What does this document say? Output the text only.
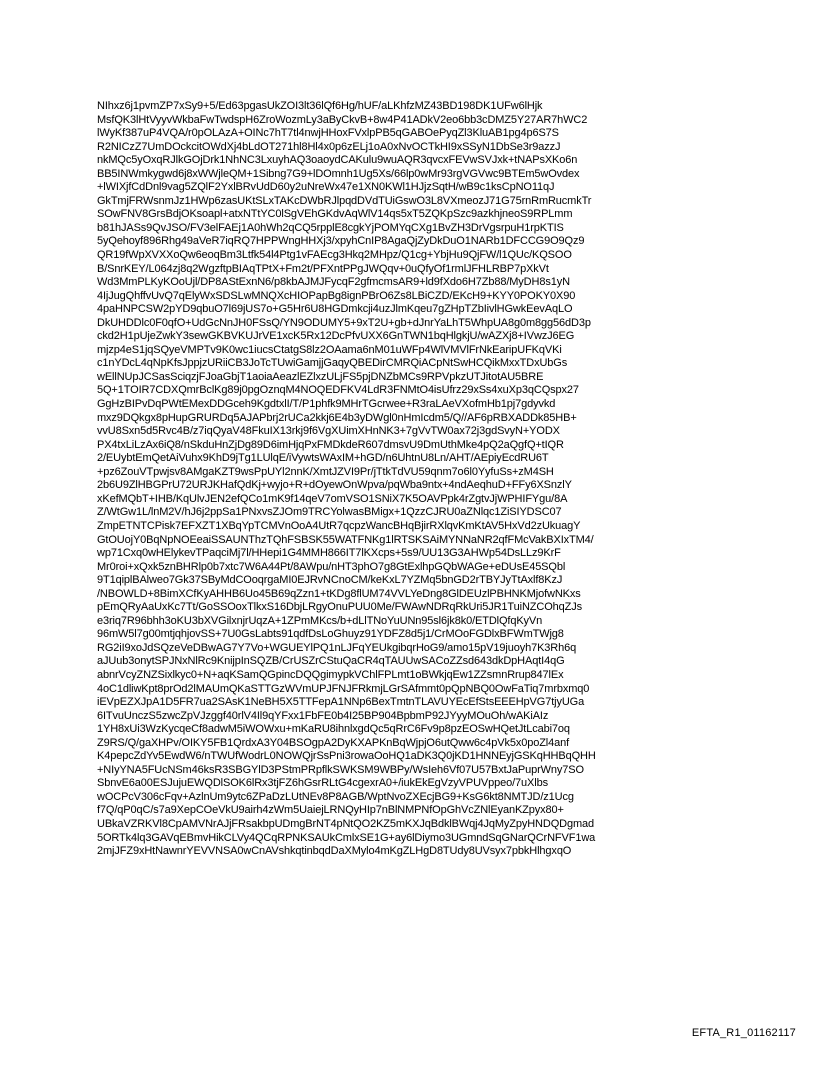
NIhxz6j1pvmZP7xSy9+5/Ed63pgasUkZOI3lt36lQf6Hg/hUF/aLKhfzMZ43BD198DK1UFw6lHjk
MsfQK3lHtVyyvWkbaFwTwdspH6ZroWozmLy3aByCkvB+8w4P41ADkV2eo6bb3cDMZ5Y27AR7hWC2
lWyKf387uP4VQA/r0pOLAzA+OINc7hT7tl4nwjHHoxFVxlpPB5qGABOePyqZl3KluAB1pg4p6S7S
R2NICzZ7UmDOckcitOWdXj4bLdOT271hl8Hl4x0p6zELj1oA0xNvOCTkHI9xSSyN1DbSe3r9azzJ
nkMQc5yOxqRJlkGOjDrk1NhNC3LxuyhAQ3oaoydCAKulu9wuAQR3qvcxFEVwSVJxk+tNAPsXKo6n
BB5INWmkygwd6j8xWWjleQM+1Sibng7G9+lDOmnh1Ug5Xs/66lp0wMr93rgVGVwc9BTEm5wOvdex
+lWIXjfCdDnl9vag5ZQlF2YxlBRvUdD60y2uNreWx47e1XN0KWl1HJjzSqtH/wB9c1ksCpNO11qJ
GkTmjFRWsnmJz1HWp6zasUKtSLxTAKcDWbRJlpqdDVdTUiGswO3L8VXmeozJ71G75rnRmRucmkTr
SOwFNV8GrsBdjOKsoapl+atxNTtYC0lSgVEhGKdvAqWlV14qs5xT5ZQKpSzc9azkhjneoS9RPLmm
b81hJASs9QvJSO/FV3elFAEj1A0hWh2qCQ5rpplE8cgkYjPOMYqCXg1BvZH3DrVgsrpuH1rpKTIS
5yQehoyf896Rhg49aVeR7iqRQ7HPPWngHHXj3/xpyhCnIP8AgaQjZyDkDuO1NARb1DFCCG9O9Qz9
QR19fWpXVXXoQw6eoqBm3Ltfk54l4Ptg1vFAEcg3Hkq2MHpz/Q1cg+YbjHu9QjFW/l1QUc/KQSOO
B/SnrKEY/L064zj8q2WgzftpBIAqTPtX+Fm2t/PFXntPPgJWQqv+0uQfyOf1rmlJFHLRBP7pXkVt
Wd3MmPLKyKOoUjl/DP8AStExnN6/p8kbAJMJFycqF2gfmcmsAR9+ld9fXdo6H7Zb88/MyDH8s1yN
4IjJugQhffvUvQ7qElyWxSDSLwMNQXcHIOPapBg8ignPBrO6Zs8LBiCZD/EKcH9+KYY0POKY0X90
4paHNPCSW2pYD9qbuO7l69jUS7o+G5Hr6U8HGDmkcji4uzJlmKqeu7gZHpTZbIivlHGwkEevAqLO
DkUHDDlc0F0qfO+UdGcNnJH0FSsQ/YN9ODUMY5+9xT2U+gb+dJnrYaLhT5WhpUA8g0m8gg56dD3p
ckd2H1pUjeZwkY3sewGKBVKUJrVE1xcK5Rx12DcPfvUXX6GnTWN1bqHlgkjU/wAZXj8+IVwzJ6EG
mjzp4eS1jqSQyeVMPTv9K0wc1iucsCtatgS8lz2OAama6nM01uWFp4WlVMVlFrNkEaripUFKqVKi
c1nYDcL4qNpKfsJppjzURiiCB3JoTcTUwiGamjjGaqyQBEDirCMRQiACpNtSwHCQikMxxTDxUbGs
wEllNUpJCSasSciqzjFJoaGbjT1aoiaAeazlEZlxzULjFS5pjDNZbMCs9RPVpkzUTJitotAU5BRE
5Q+1TOIR7CDXQmrBclKg89j0pgOznqM4NOQEDFKV4LdR3FNMtO4isUfrz29xSs4xuXp3qCQspx27
GgHzBIPvDqPWtEMexDDGceh9KgdtxlI/T/P1phfk9MHrTGcrwee+R3raLAeVXofmHb1pj7gdyvkd
mxz9DQkgx8pHupGRURDq5AJAPbrj2rUCa2kkj6E4b3yDWgl0nHmIcdm5/Q//AF6pRBXADDk85HB+
vvU8Sxn5d5Rvc4B/z7iqQyaV48FkuIX13rkj9f6VgXUimXHnNK3+7gVvTW0ax72j3gdSvyN+YODX
PX4txLiLzAx6iQ8/nSkduHnZjDg89D6imHjqPxFMDkdeR607dmsvU9DmUthMke4pQ2aQgfQ+tIQR
2/EUybtEmQetAiVuhx9KhD9jTg1LUlqE/iVywtsWAxIM+hGD/n6UhtnU8Ln/AHT/AEpiyEcdRU6T
+pz6ZouVTpwjsv8AMgaKZT9wsPpUYl2nnK/XmtJZVI9Pr/jTtkTdVU59qnm7o6l0YyfuSs+zM4SH
2b6U9ZlHBGPrU72URJKHafQdKj+wyjo+R+dOyewOnWpva/pqWba9ntx+4ndAeqhuD+FFy6XSnzlY
xKefMQbT+IHB/KqUlvJEN2efQCo1mK9f14qeV7omVSO1SNiX7K5OAVPpk4rZgtvJjWPHIFYgu/8A
Z/WtGw1L/lnM2V/hJ6j2ppSa1PNxvsZJOm9TRCYolwasBMigx+1QzzCJRU0aZNlqc1ZiSIYDSC07
ZmpETNTCPisk7EFXZT1XBqYpTCMVnOoA4UtR7qcpzWancBHqBjirRXlqvKmKtAV5HxVd2zUkuagY
GtOUojY0BqNpNOEeaiSSAUNThzTQhFSBSK55WATFNKg1lRTSKSAiMYNNaNR2qfFMcVakBXIxTM4/
wp71Cxq0wHElykevTPaqciMj7l/HHepi1G4MMH866IT7lKXcps+5s9/UU13G3AHWp54DsLLz9KrF
Mr0roi+xQxk5znBHRlp0b7xtc7W6A44Pt/8AWpu/nHT3phO7g8GtExlhpGQbWAGe+eDUsE45SQbl
9T1qiplBAlweo7Gk37SByMdCOoqrgaMI0EJRvNCnoCM/keKxL7YZMq5bnGD2rTBYJyTtAxlf8KzJ
/NBOWLD+8BimXCfKyAHHB6Uo45B69qZzn1+tKDg8flUM74VVLYeDng8GlDEUzlPBHNKMjofwNKxs
pEmQRyAaUxKc7Tt/GoSSOoxTlkxS16DbjLRgyOnuPUU0Me/FWAwNDRqRkUri5JR1TuiNZCOhqZJs
e3riq7R96bhh3oKU3bXVGilxnjrUqzA+1ZPmMKcs/b+dLlTNoYuUNn95sl6jk8k0/ETDlQfqKyVn
96mW5l7g00mtjqhjovSS+7U0GsLabts91qdfDsLoGhuyz91YDFZ8d5j1/CrMOoFGDlxBFWmTWjg8
RG2iI9xoJdSQzeVeDBwAG7Y7Vo+WGUEYlPQ1nLJFqYEUkgibqrHoG9/amo15pV19juoyh7K3Rh6q
aJUub3onytSPJNxNlRc9KnijpInSQZB/CrUSZrCStuQaCR4qTAUUwSACoZZsd643dkDpHAqtI4qG
abnrVcyZNZSixlkyc0+N+aqKSamQGpincDQQgimypkVChlFPLmt1oBWkjqEw1ZZsmnRrup847lEx
4oC1dliwKpt8prOd2lMAUmQKaSTTGzWVmUPJFNJFRkmjLGrSAfmmt0pQpNBQ0OwFaTiq7mrbxmq0
iEVpEZXJpA1D5FR7ua2SAsK1NeBH5X5TTFepA1NNp6BexTmtnTLAVUYEcEfStsEEEHpVG7tjyUGa
6ITvuUnczS5zwcZpVJzggf40rlV4Il9qYFxx1FbFE0b4I25BP904BpbmP92JYyyMOuOh/wAKiAIz
1YH8xUi3WzKycqeCf8adwM5iWOWxu+mKaRU8ihnlxgdQc5qRrC6Fv9p8pzEOSwHQetJtLcabi7oq
Z9RS/Q/gaXHPv/OIKY5FB1QrdxA3Y04BSOgpA2DyKXAPKnBqWjpjO6utQww6c4pVk5x0poZl4anf
K4pepcZdYv5EwdW6/nTWUfWodrL0NOWQjrSsPni3rowaOoHQ1aDK3Q0jKD1HNNEyjGSKqHHBqQHH
+NIyYNA5FUcNSm46ksR3SBGYlD3PStmPRpflkSWKSM9WBPy/WsIeh6Vf07U57BxtJaPuprWny7SO
SbnvE6a00ESJujuEWQDlSOK6lRx3tjFZ6hGsrRLtG4cgexrA0+/iukEkEgVzyVPUVppeo/7uXlbs
wOCPcV306cFqv+AzlnUm9ytc6ZPaDzLUtNEv8P8AGB/WptNvoZXEcjBG9+KsG6kt8NMTJD/z1Ucg
f7Q/qP0qC/s7a9XepCOeVkU9airh4zWm5UaiejLRNQyHIp7nBlNMPNfOpGhVcZNlEyanKZpyx80+
UBkaVZRKVl8CpAMVNrAJjFRsakbpUDmgBrNT4pNtQO2KZ5mKXJqBdklBWqj4JqMyZpyHNDQDgmad
5ORTk4lq3GAVqEBmvHikCLVy4QCqRPNKSAUkCmlxSE1G+ay6lDiymo3UGmndSqGNarQCrNFVF1wa
2mjJFZ9xHtNawnrYEVVNSA0wCnAVshkqtinbqdDaXMylo4mKgZLHgD8TUdy8UVsyx7pbkHlhgxqO
EFTA_R1_01162117
